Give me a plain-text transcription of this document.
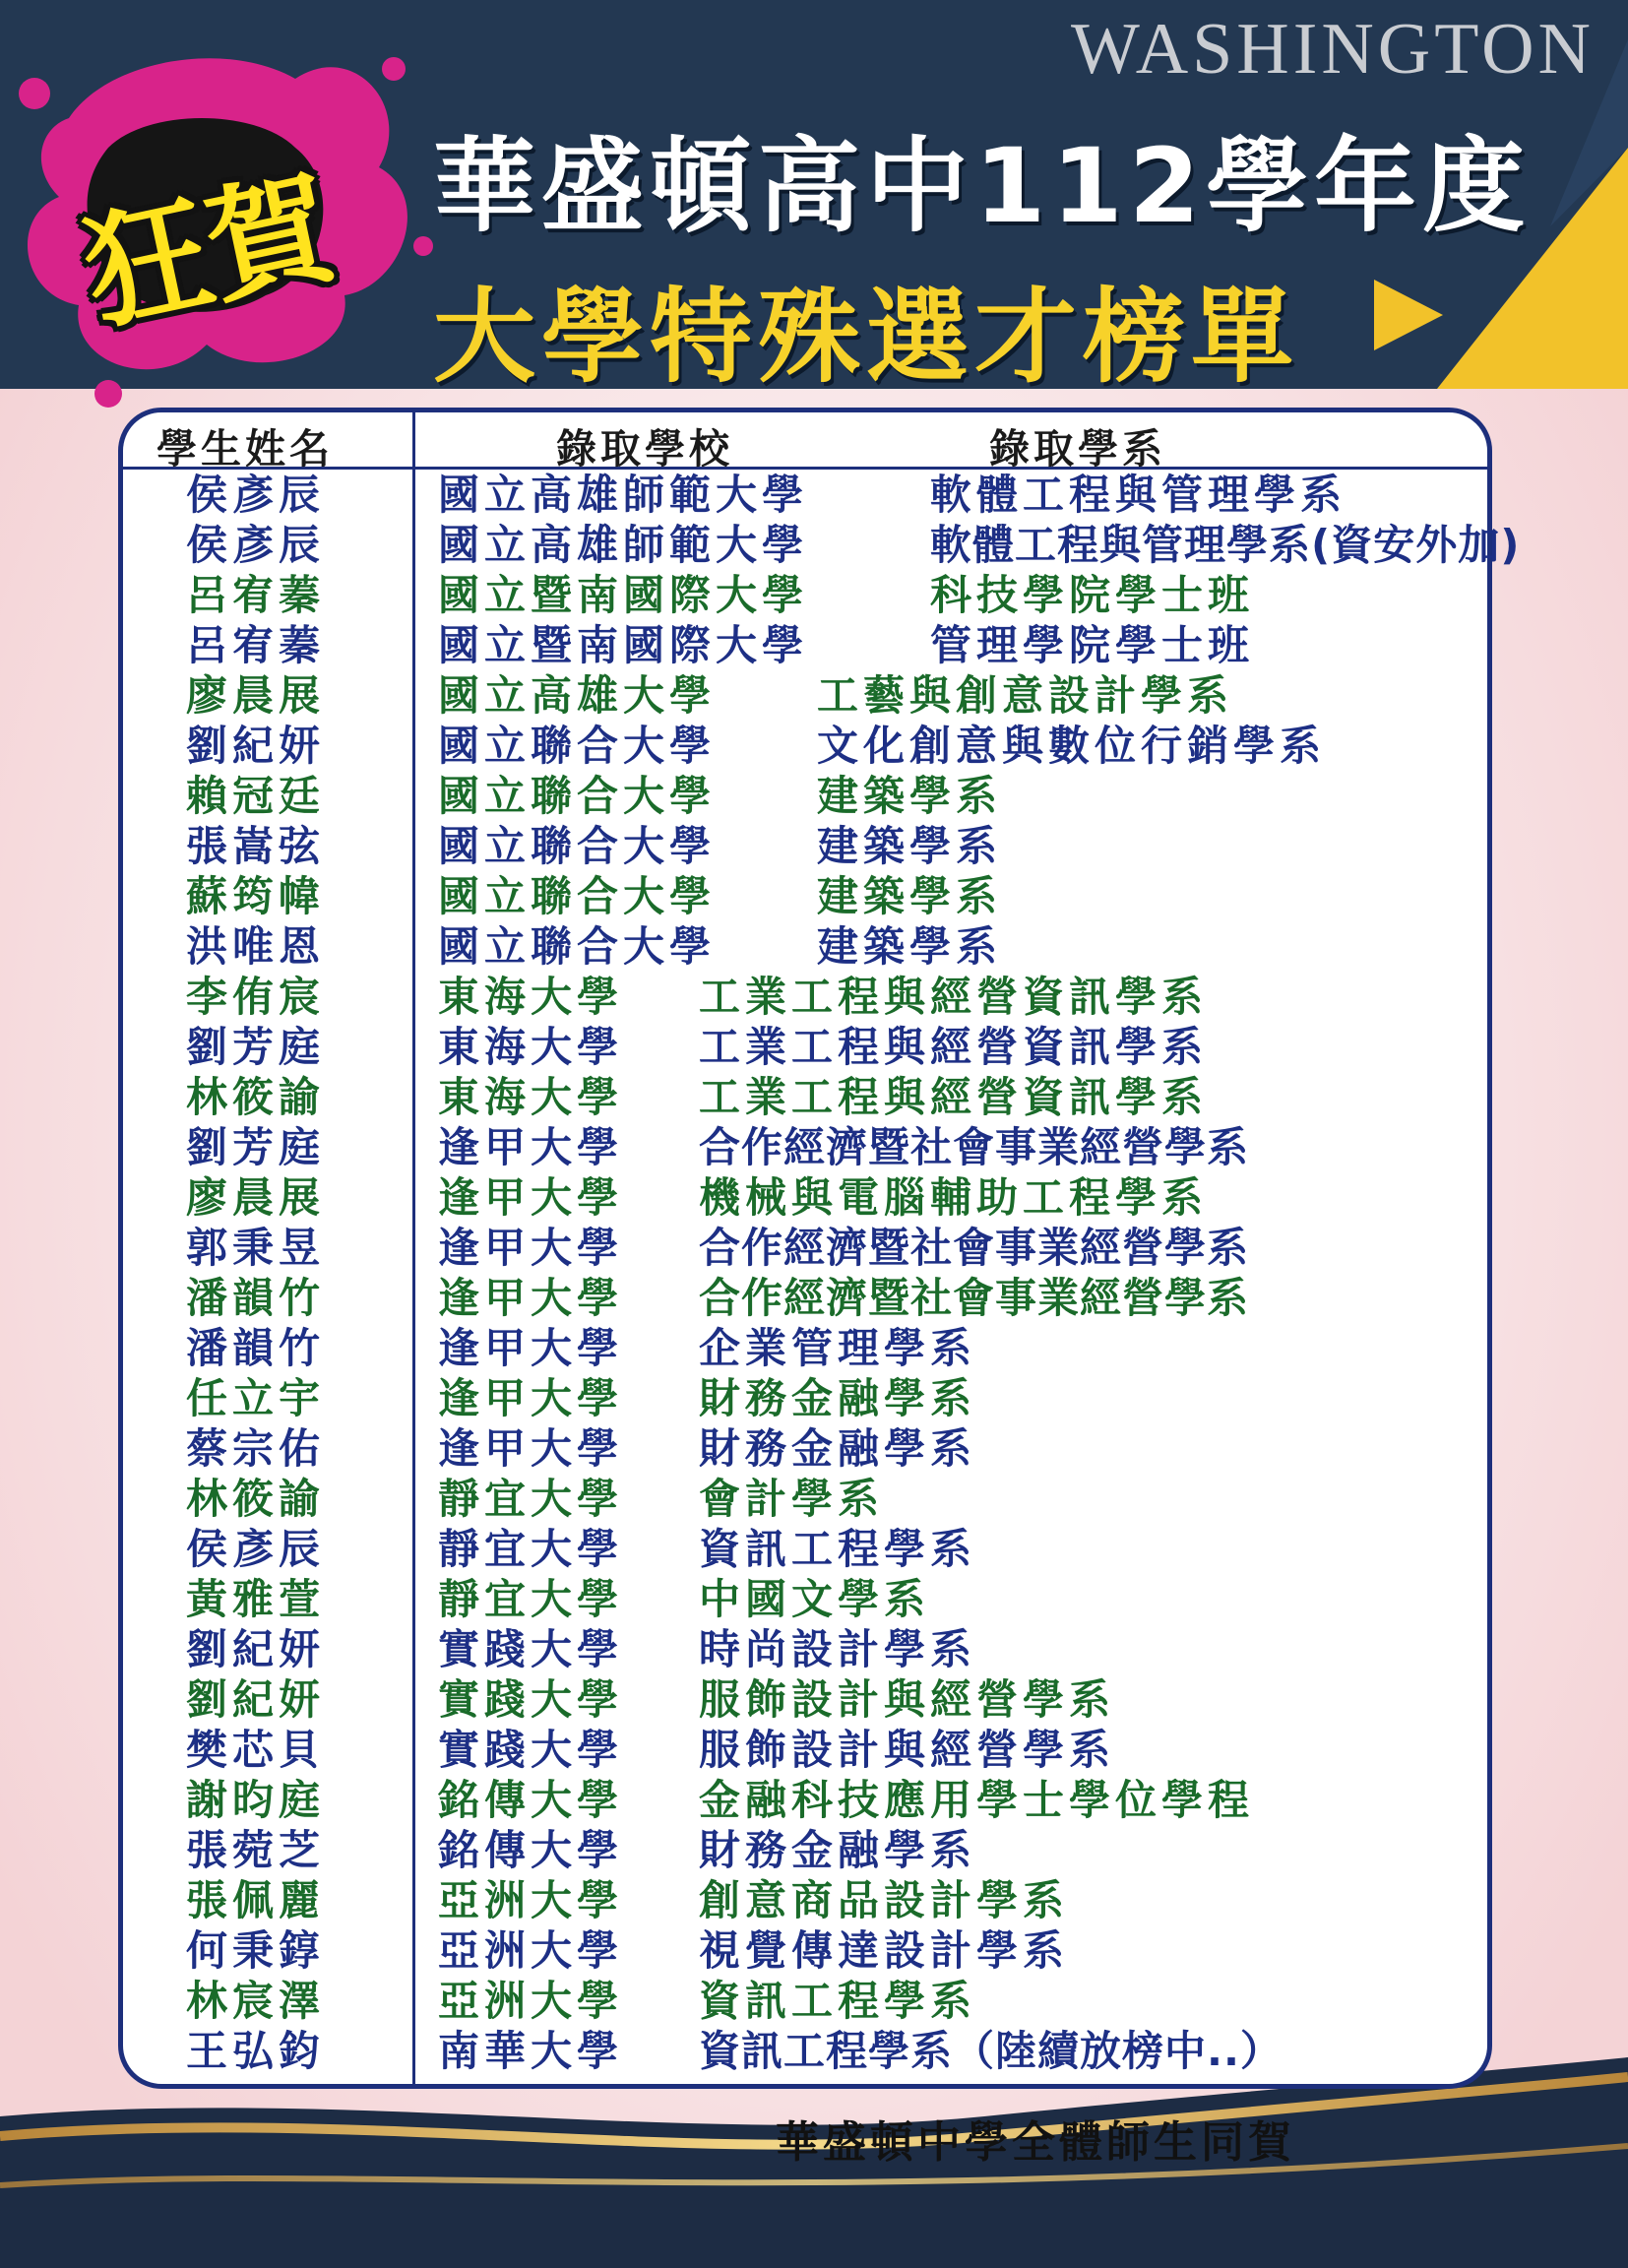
WASHINGTON

狂賀 華盛頓高中112學年度
大學特殊選才榜單
學生姓名	錄取學校	錄取學系
侯彥辰	國立高雄師範大學	軟體工程與管理學系
侯彥辰	國立高雄師範大學	軟體工程與管理學系(資安外加)
呂宥蓁	國立暨南國際大學	科技學院學士班
呂宥蓁	國立暨南國際大學	管理學院學士班
廖晨展	國立高雄大學 工藝與創意設計學系
劉紀妍	國立聯合大學 文化創意與數位行銷學系
賴冠廷	國立聯合大學 建築學系
張嵩弦	國立聯合大學 建築學系
蘇筠幃	國立聯合大學 建築學系
洪唯恩	國立聯合大學 建築學系
李侑宸	東海大學 工業工程與經營資訊學系
劉芳庭	東海大學 工業工程與經營資訊學系
林筱諭	東海大學 工業工程與經營資訊學系
劉芳庭	逢甲大學 合作經濟暨社會事業經營學系
廖晨展	逢甲大學 機械與電腦輔助工程學系
郭秉昱	逢甲大學 合作經濟暨社會事業經營學系
潘韻竹	逢甲大學 合作經濟暨社會事業經營學系
潘韻竹	逢甲大學 企業管理學系
任立宇	逢甲大學 財務金融學系
蔡宗佑	逢甲大學 財務金融學系
林筱諭	靜宜大學 會計學系
侯彥辰	靜宜大學 資訊工程學系
黃雅萱	靜宜大學 中國文學系
劉紀妍	實踐大學 時尚設計學系
劉紀妍	實踐大學 服飾設計與經營學系
樊芯貝	實踐大學 服飾設計與經營學系
謝昀庭	銘傳大學 金融科技應用學士學位學程
張菀芝	銘傳大學 財務金融學系
張佩麗	亞洲大學 創意商品設計學系
何秉錞	亞洲大學 視覺傳達設計學系
林宸澤	亞洲大學 資訊工程學系
王弘鈞	南華大學 資訊工程學系（陸續放榜中..）

華盛頓中學全體師生同賀
